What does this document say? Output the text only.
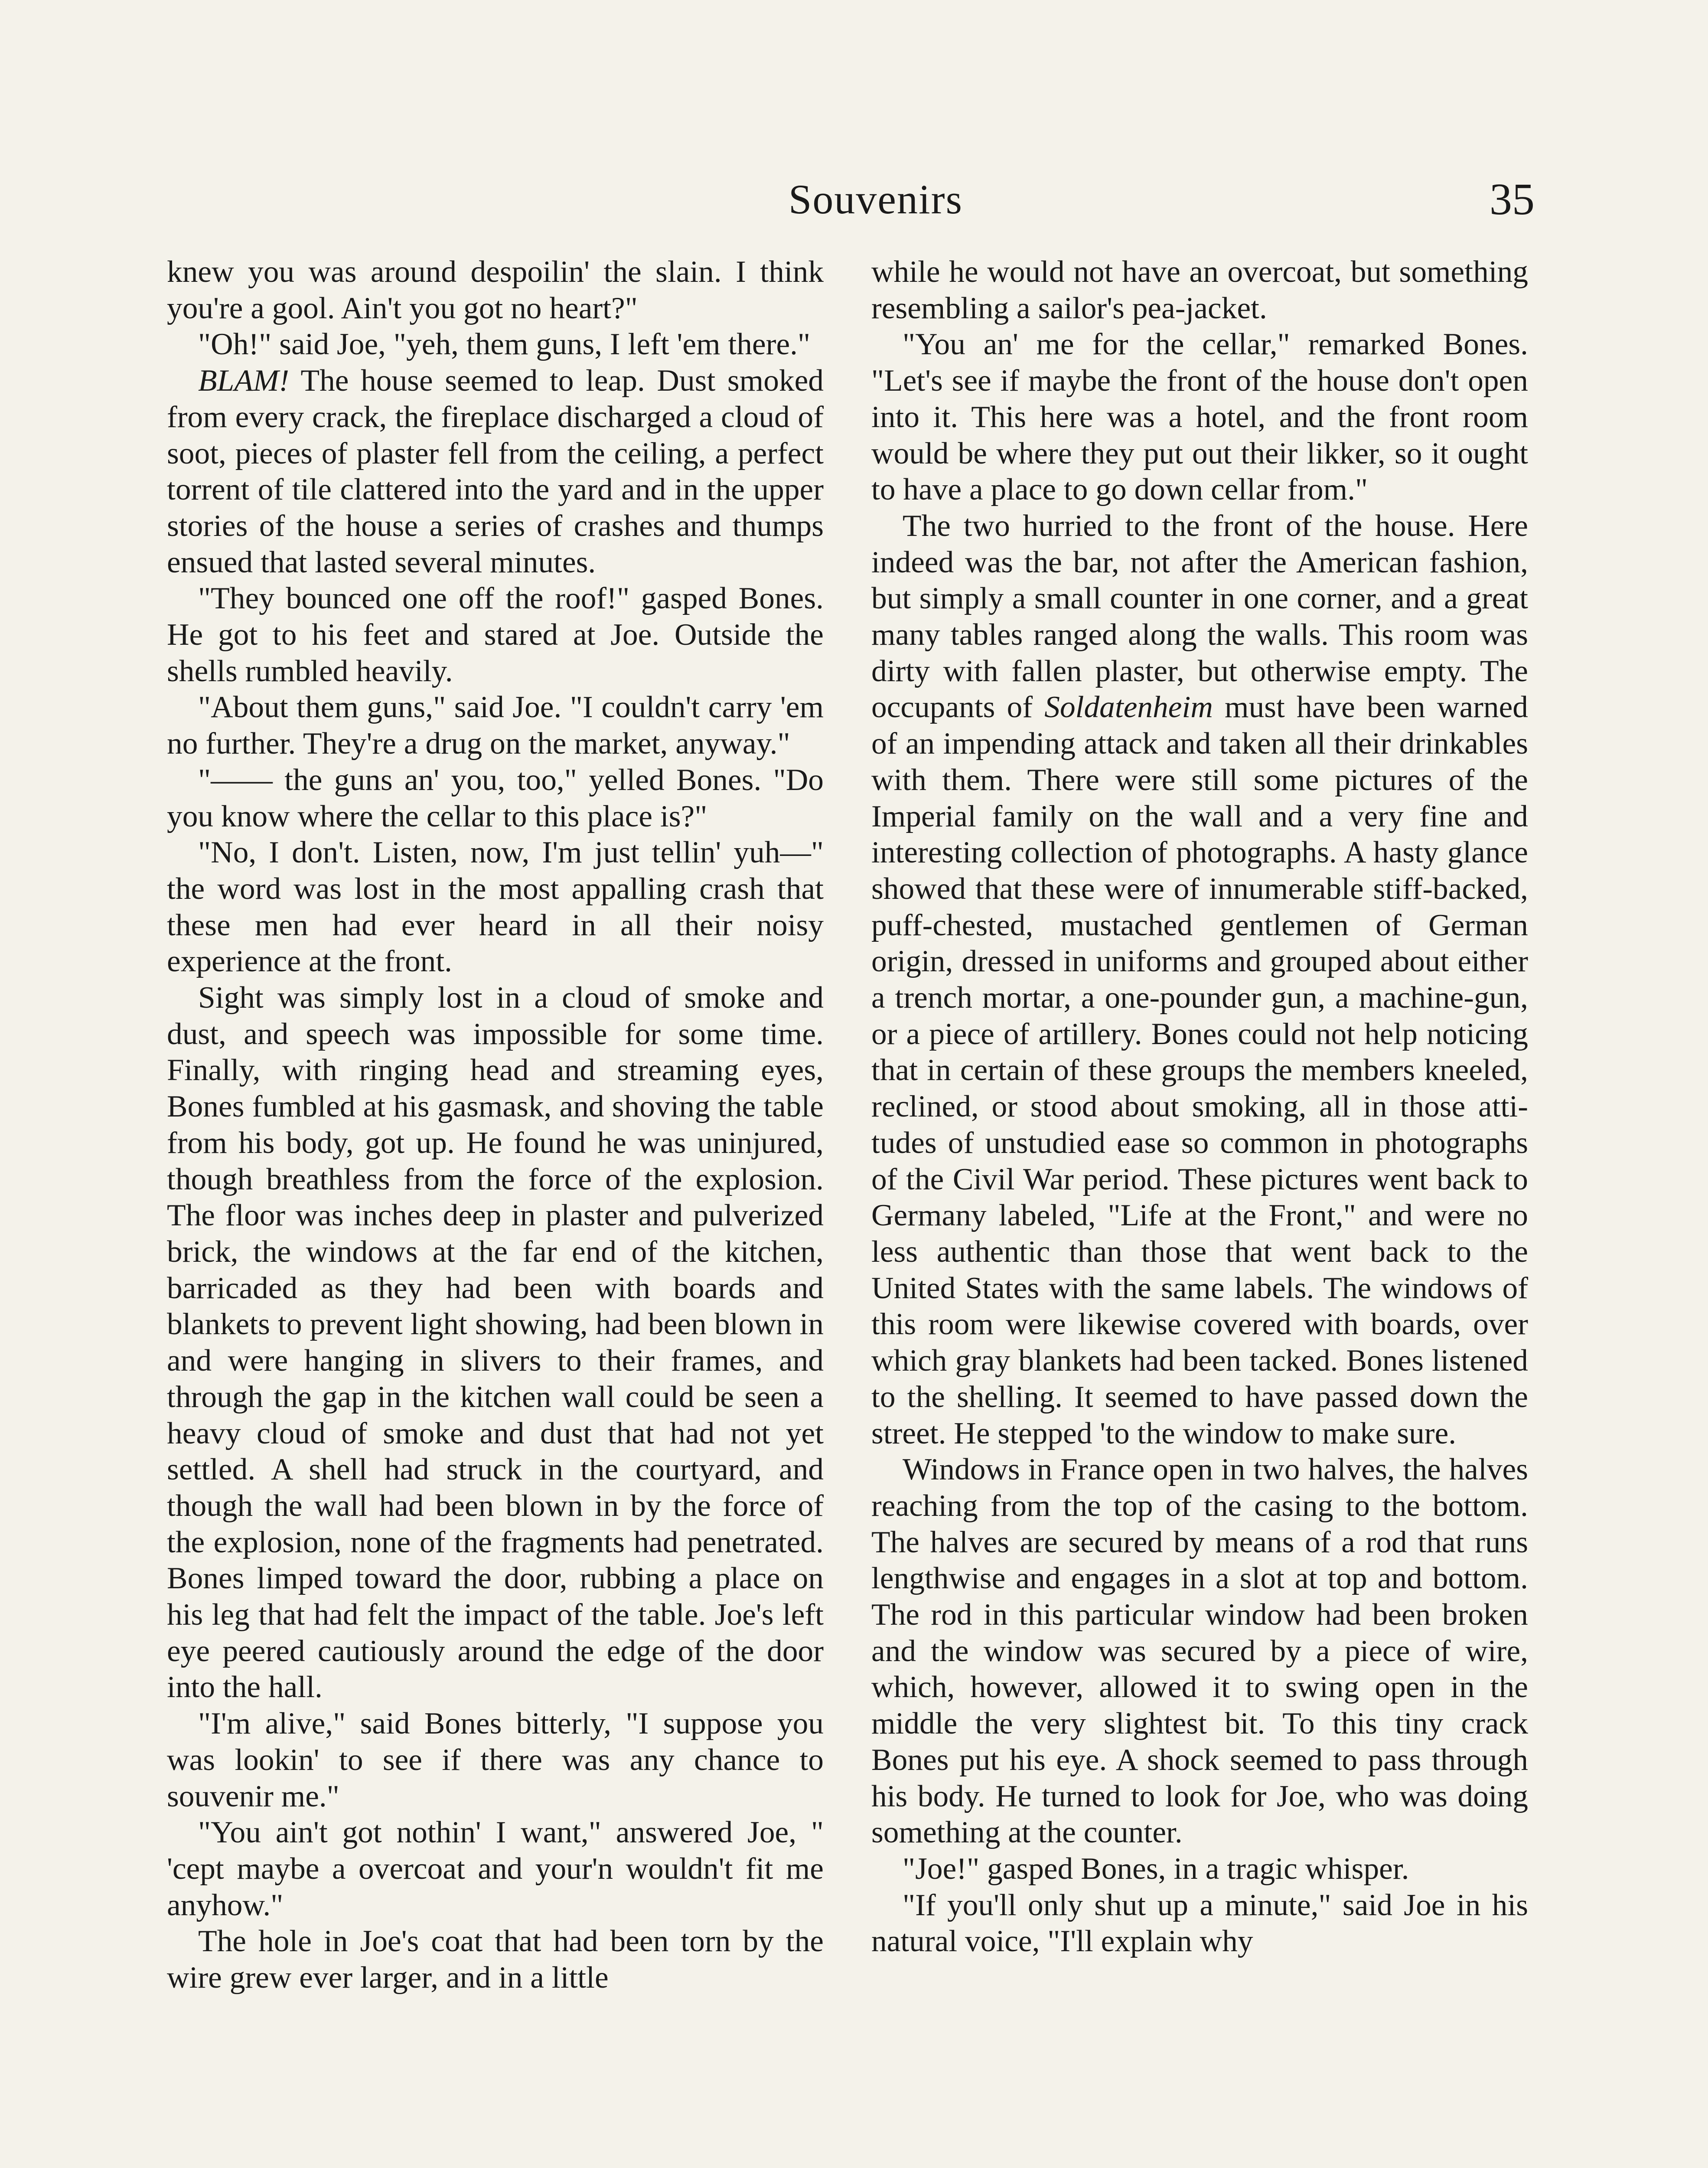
Souvenirs	35

knew you was around despoilin' the slain. I think you're a gool. Ain't you got no heart?"

"Oh!" said Joe, "yeh, them guns, I left 'em there."

BLAM! The house seemed to leap. Dust smoked from every crack, the fireplace discharged a cloud of soot, pieces of plaster fell from the ceiling, a perfect torrent of tile clattered into the yard and in the upper stories of the house a series of crashes and thumps ensued that lasted several minutes.

"They bounced one off the roof!" gasped Bones. He got to his feet and stared at Joe. Outside the shells rumbled heavily.

"About them guns," said Joe. "I couldn't carry 'em no further. They're a drug on the market, anyway."

"—— the guns an' you, too," yelled Bones. "Do you know where the cellar to this place is?"

"No, I don't. Listen, now, I'm just tellin' yuh—" the word was lost in the most appalling crash that these men had ever heard in all their noisy experience at the front.

Sight was simply lost in a cloud of smoke and dust, and speech was impossible for some time. Finally, with ringing head and streaming eyes, Bones fumbled at his gasmask, and shoving the table from his body, got up. He found he was uninjured, though breathless from the force of the explosion. The floor was inches deep in plaster and pulverized brick, the windows at the far end of the kitchen, barricaded as they had been with boards and blankets to prevent light showing, had been blown in and were hanging in slivers to their frames, and through the gap in the kitchen wall could be seen a heavy cloud of smoke and dust that had not yet settled. A shell had struck in the courtyard, and though the wall had been blown in by the force of the explosion, none of the fragments had penetrated. Bones limped toward the door, rubbing a place on his leg that had felt the impact of the table. Joe's left eye peered cautiously around the edge of the door into the hall.

"I'm alive," said Bones bitterly, "I suppose you was lookin' to see if there was any chance to souvenir me."

"You ain't got nothin' I want," answered Joe, " 'cept maybe a overcoat and your'n wouldn't fit me anyhow."

The hole in Joe's coat that had been torn by the wire grew ever larger, and in a little

while he would not have an overcoat, but something resembling a sailor's pea-jacket.

"You an' me for the cellar," remarked Bones. "Let's see if maybe the front of the house don't open into it. This here was a hotel, and the front room would be where they put out their likker, so it ought to have a place to go down cellar from."

The two hurried to the front of the house. Here indeed was the bar, not after the American fashion, but simply a small counter in one corner, and a great many tables ranged along the walls. This room was dirty with fallen plaster, but otherwise empty. The occupants of Soldatenheim must have been warned of an impending attack and taken all their drinkables with them. There were still some pictures of the Imperial family on the wall and a very fine and interesting collection of photographs. A hasty glance showed that these were of innumerable stiff-backed, puff-chested, mustached gentlemen of German origin, dressed in uniforms and grouped about either a trench mortar, a one-pounder gun, a machine-gun, or a piece of artillery. Bones could not help noticing that in certain of these groups the members kneeled, reclined, or stood about smoking, all in those attitudes of unstudied ease so common in photographs of the Civil War period. These pictures went back to Germany labeled, "Life at the Front," and were no less authentic than those that went back to the United States with the same labels. The windows of this room were likewise covered with boards, over which gray blankets had been tacked. Bones listened to the shelling. It seemed to have passed down the street. He stepped 'to the window to make sure.

Windows in France open in two halves, the halves reaching from the top of the casing to the bottom. The halves are secured by means of a rod that runs lengthwise and engages in a slot at top and bottom. The rod in this particular window had been broken and the window was secured by a piece of wire, which, however, allowed it to swing open in the middle the very slightest bit. To this tiny crack Bones put his eye. A shock seemed to pass through his body. He turned to look for Joe, who was doing something at the counter.

"Joe!" gasped Bones, in a tragic whisper.

"If you'll only shut up a minute," said Joe in his natural voice, "I'll explain why
